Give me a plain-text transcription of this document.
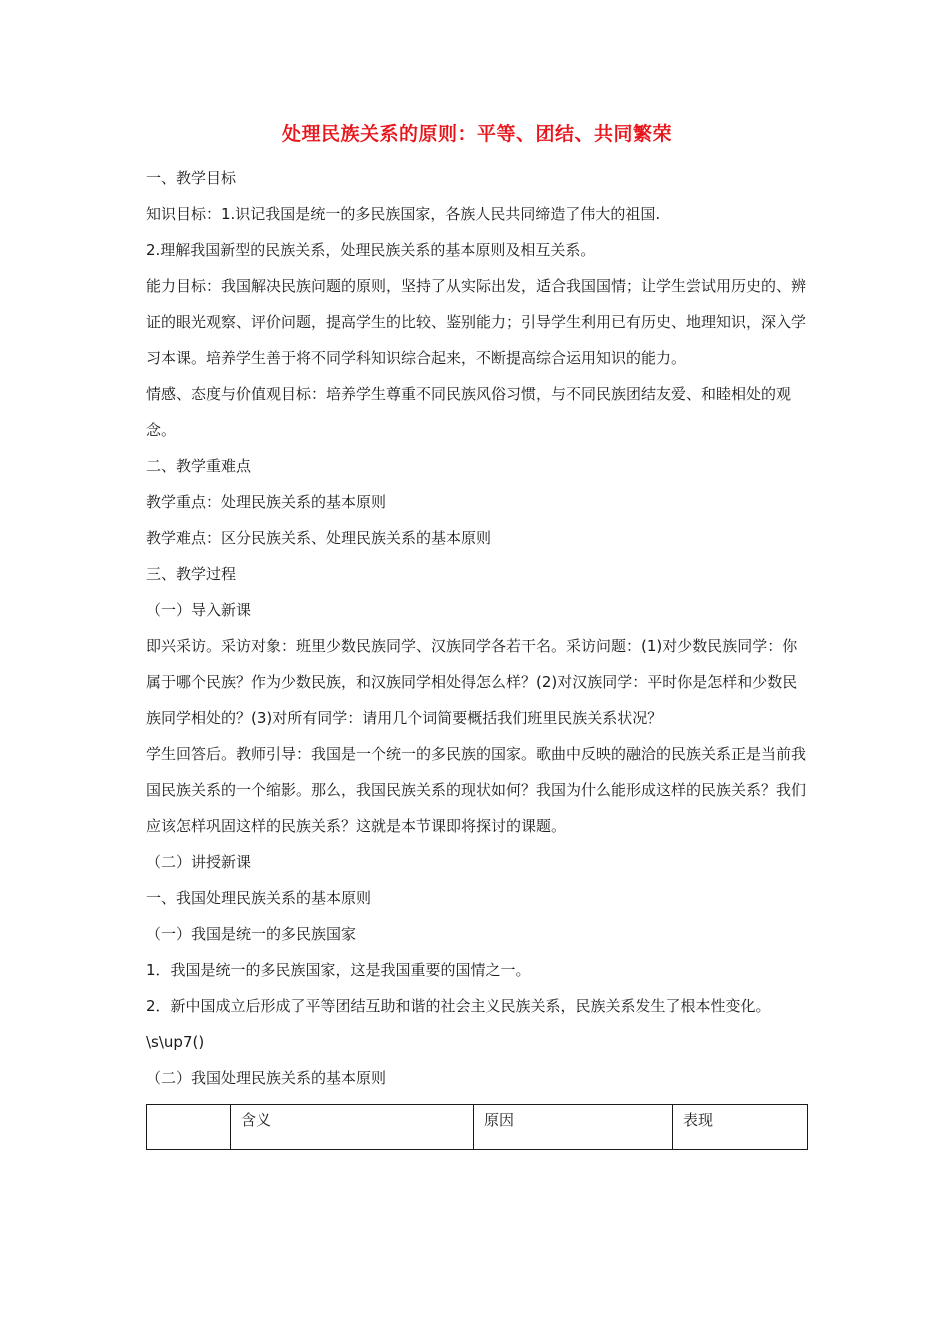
处理民族关系的原则：平等、团结、共同繁荣

一、教学目标

知识目标：1.识记我国是统一的多民族国家，各族人民共同缔造了伟大的祖国.

2.理解我国新型的民族关系，处理民族关系的基本原则及相互关系。

能力目标：我国解决民族问题的原则，坚持了从实际出发，适合我国国情；让学生尝试用历史的、辨证的眼光观察、评价问题，提高学生的比较、鉴别能力；引导学生利用已有历史、地理知识，深入学习本课。培养学生善于将不同学科知识综合起来，不断提高综合运用知识的能力。

情感、态度与价值观目标：培养学生尊重不同民族风俗习惯，与不同民族团结友爱、和睦相处的观念。

二、教学重难点

教学重点：处理民族关系的基本原则

教学难点：区分民族关系、处理民族关系的基本原则

三、教学过程

（一）导入新课

即兴采访。采访对象：班里少数民族同学、汉族同学各若干名。采访问题：(1)对少数民族同学：你属于哪个民族？作为少数民族，和汉族同学相处得怎么样？(2)对汉族同学：平时你是怎样和少数民族同学相处的？(3)对所有同学：请用几个词简要概括我们班里民族关系状况？

学生回答后。教师引导：我国是一个统一的多民族的国家。歌曲中反映的融洽的民族关系正是当前我国民族关系的一个缩影。那么，我国民族关系的现状如何？我国为什么能形成这样的民族关系？我们应该怎样巩固这样的民族关系？这就是本节课即将探讨的课题。

（二）讲授新课

一、我国处理民族关系的基本原则

（一）我国是统一的多民族国家

1．我国是统一的多民族国家，这是我国重要的国情之一。

2．新中国成立后形成了平等团结互助和谐的社会主义民族关系，民族关系发生了根本性变化。

\s\up7()

（二）我国处理民族关系的基本原则

	含义	原因	表现
